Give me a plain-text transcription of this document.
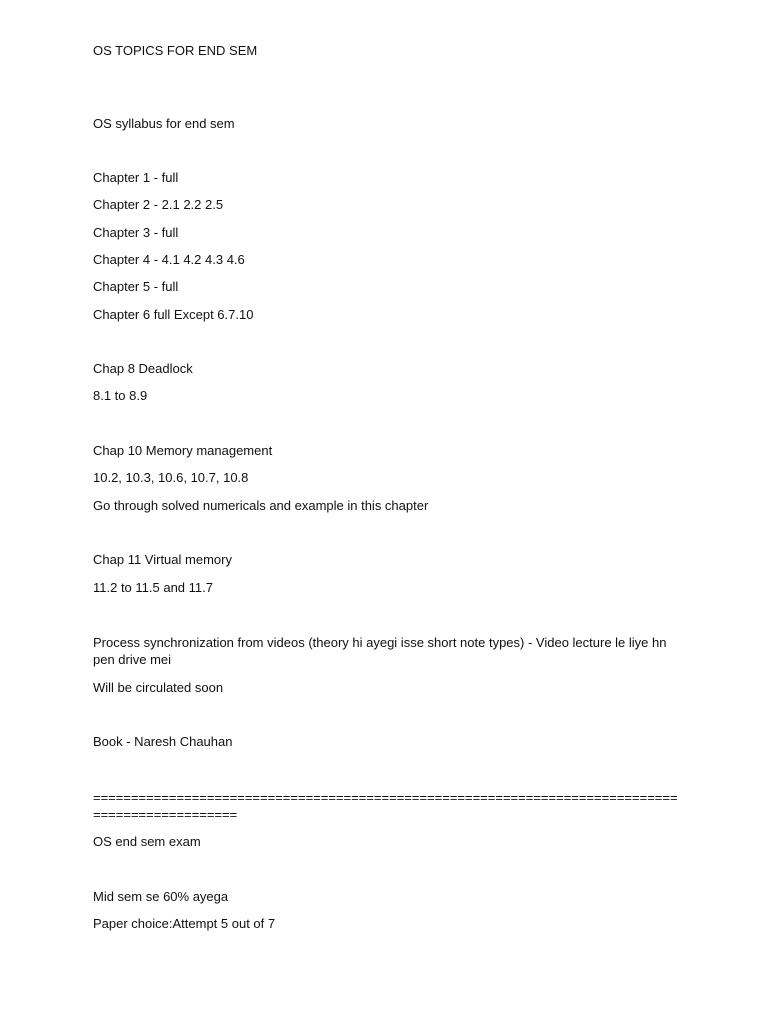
OS TOPICS FOR END SEM
OS syllabus for end sem
Chapter 1 - full
Chapter 2 - 2.1 2.2 2.5
Chapter 3 - full
Chapter 4 - 4.1 4.2 4.3 4.6
Chapter 5 - full
Chapter 6 full Except 6.7.10
Chap 8 Deadlock
8.1 to 8.9
Chap 10 Memory management
10.2, 10.3, 10.6, 10.7, 10.8
Go through solved numericals and example in this chapter
Chap 11 Virtual memory
11.2 to 11.5 and 11.7
Process synchronization from videos (theory hi ayegi isse short note types) - Video lecture le liye hn pen drive mei
Will be circulated soon
Book - Naresh Chauhan
================================================================================================
OS end sem exam
Mid sem se 60% ayega
Paper choice:Attempt 5 out of 7
